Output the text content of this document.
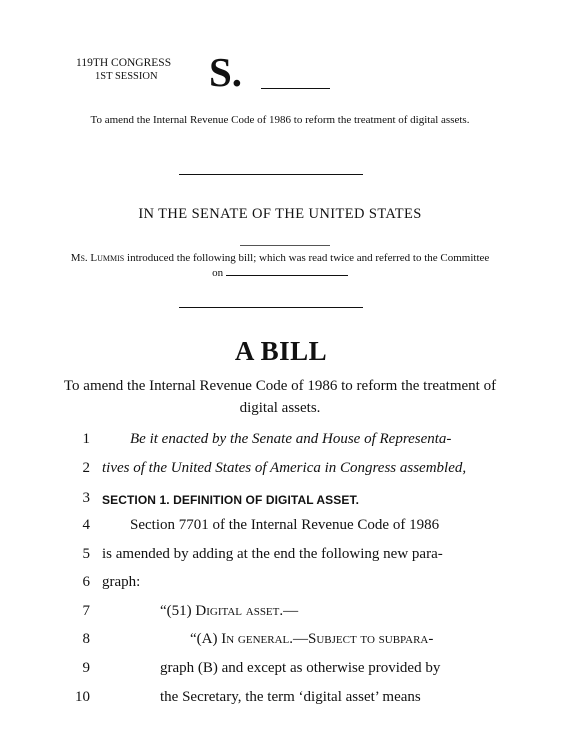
119TH CONGRESS
1ST SESSION S.
To amend the Internal Revenue Code of 1986 to reform the treatment of digital assets.
IN THE SENATE OF THE UNITED STATES
Ms. Lummis introduced the following bill; which was read twice and referred to the Committee on
A BILL
To amend the Internal Revenue Code of 1986 to reform the treatment of digital assets.
1	Be it enacted by the Senate and House of Representa-
2 tives of the United States of America in Congress assembled,
3 SECTION 1. DEFINITION OF DIGITAL ASSET.
4	Section 7701 of the Internal Revenue Code of 1986
5 is amended by adding at the end the following new para-
6 graph:
7	“(51) Digital asset.—
8	“(A) In general.—Subject to subpara-
9	graph (B) and except as otherwise provided by
10	the Secretary, the term ‘digital asset’ means
